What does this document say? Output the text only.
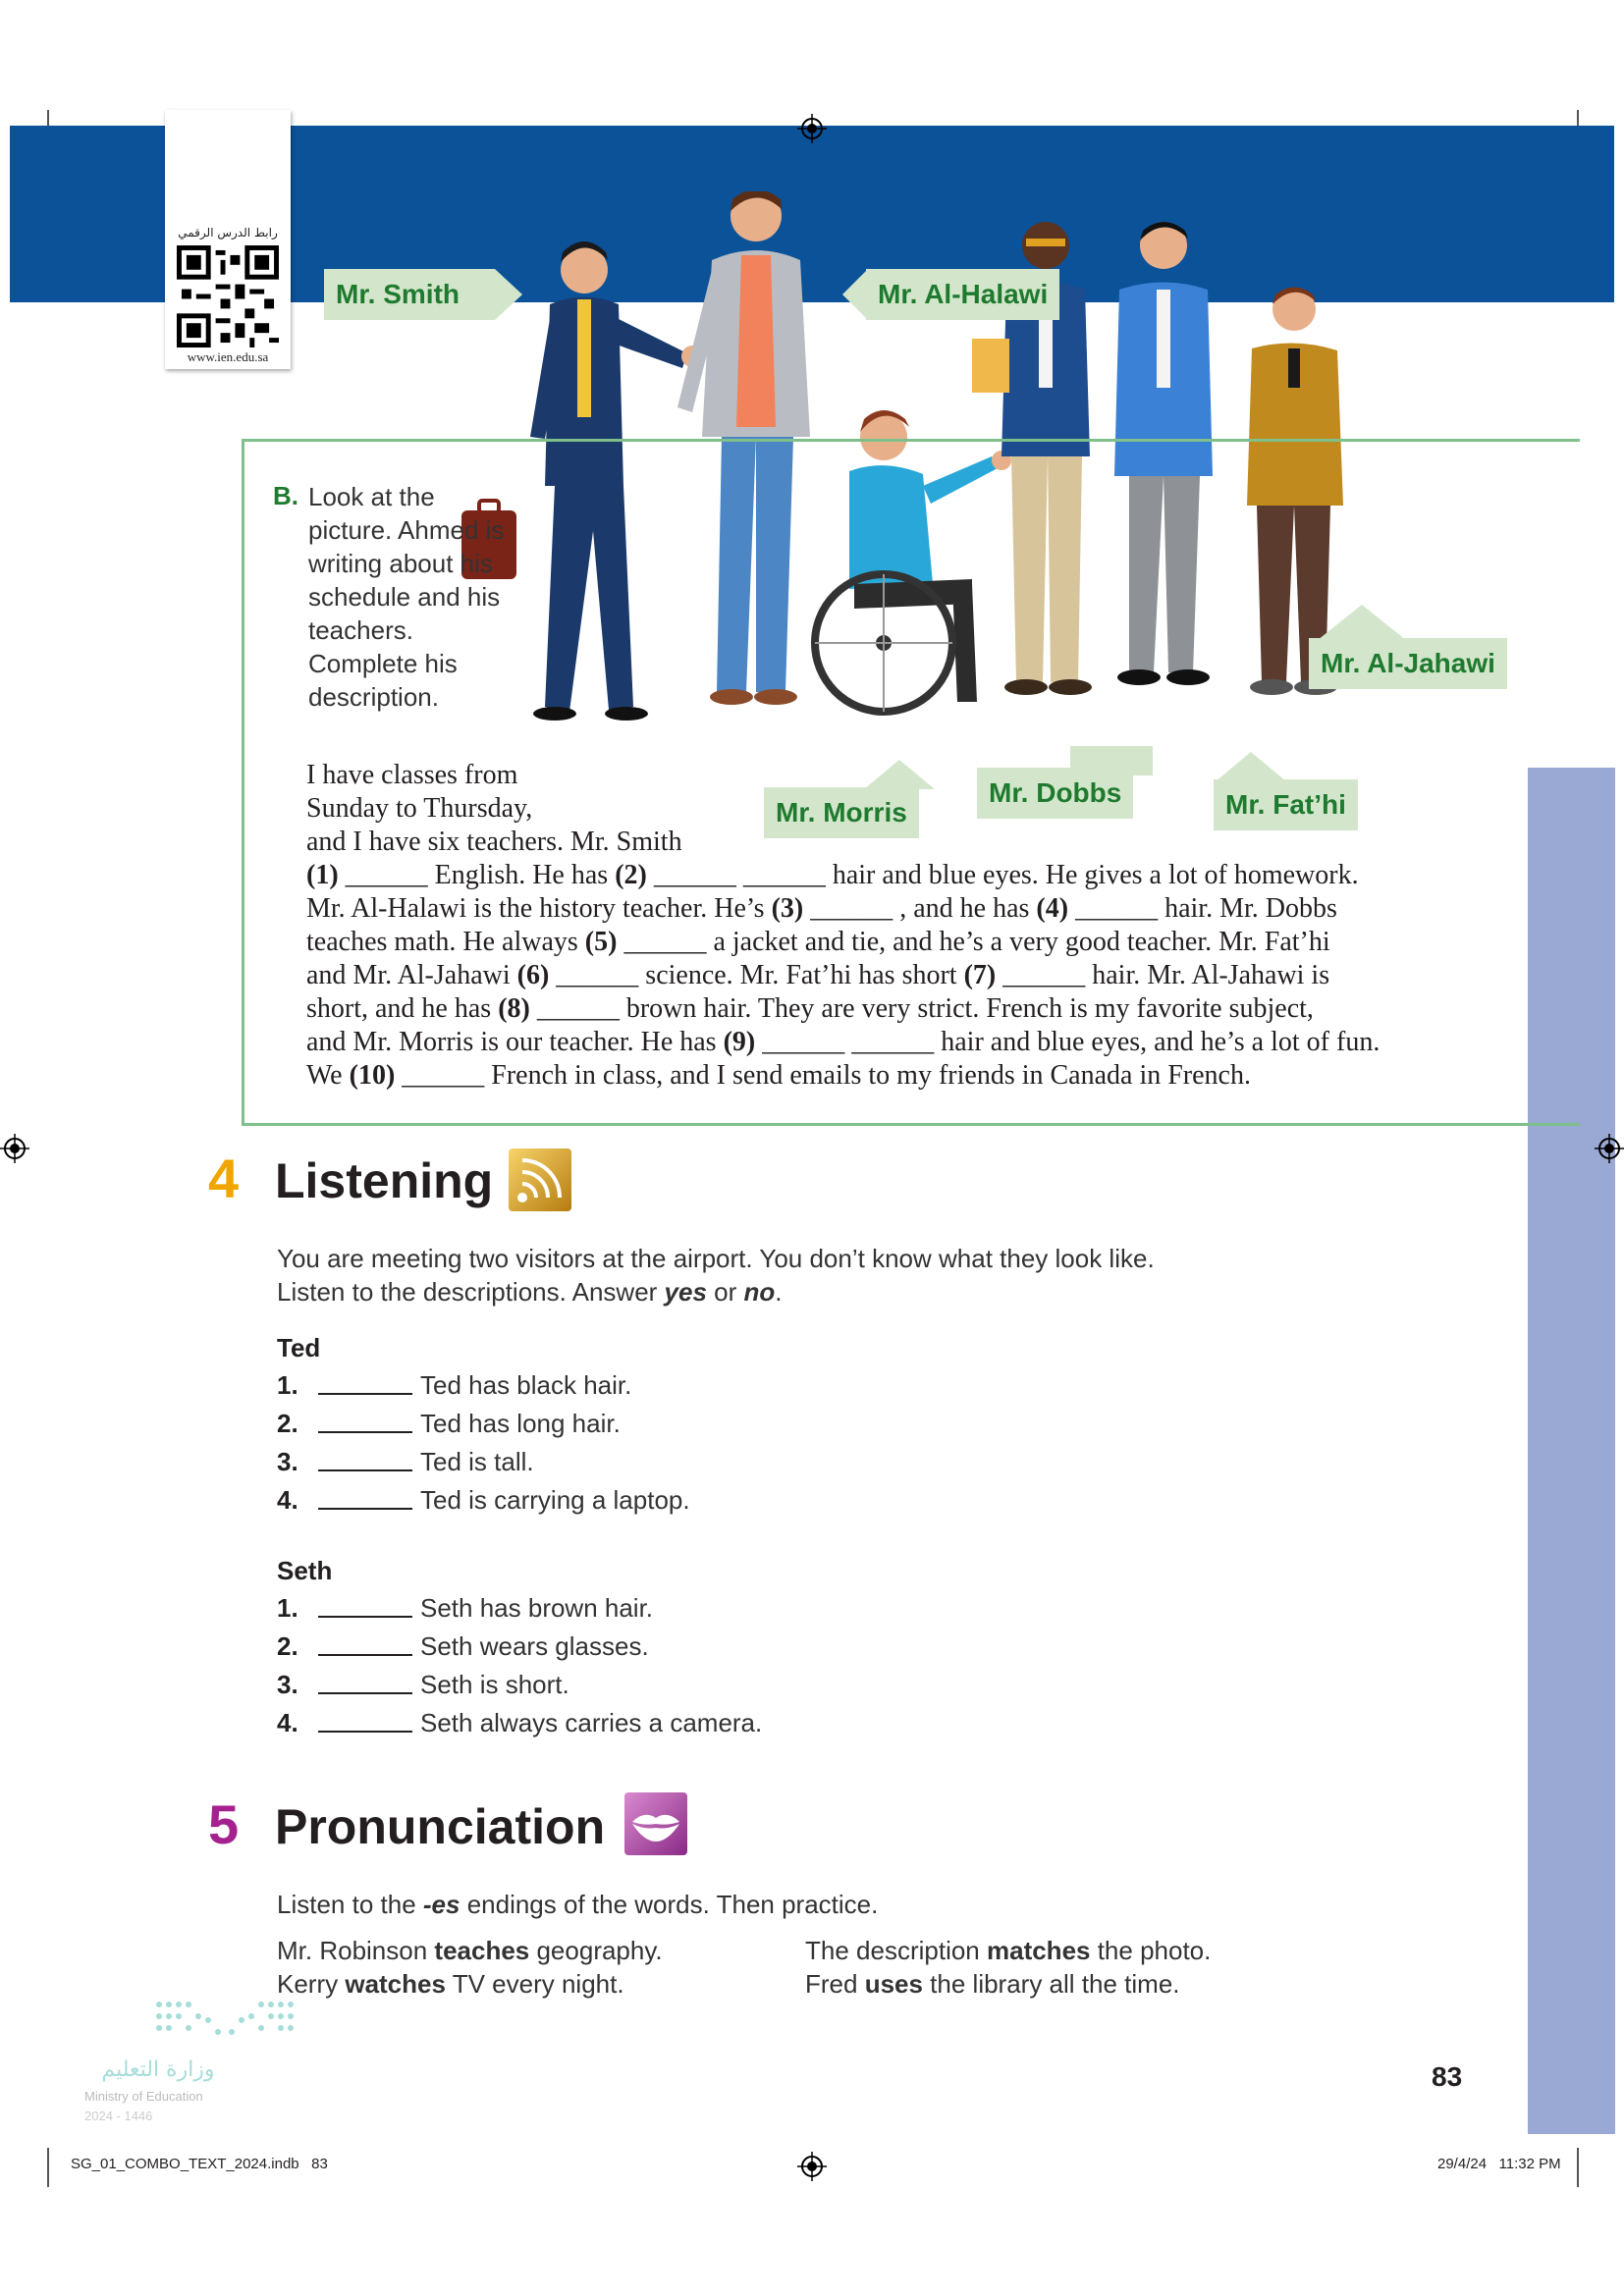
رابط الدرس الرقمي
www.ien.edu.sa
Mr. Smith	Mr. Al-Halawi
Mr. Al-Jahawi
Mr. Morris
Mr. Dobbs	Mr. Fat’hi
B. Look at the picture. Ahmed is writing about his schedule and his teachers. Complete his description.
I have classes from
Sunday to Thursday,
and I have six teachers. Mr. Smith
(1) ______ English. He has (2) ______ ______ hair and blue eyes. He gives a lot of homework.
Mr. Al-Halawi is the history teacher. He’s (3) ______ , and he has (4) ______ hair. Mr. Dobbs
teaches math. He always (5) ______ a jacket and tie, and he’s a very good teacher. Mr. Fat’hi
and Mr. Al-Jahawi (6) ______ science. Mr. Fat’hi has short (7) ______ hair. Mr. Al-Jahawi is
short, and he has (8) ______ brown hair. They are very strict. French is my favorite subject,
and Mr. Morris is our teacher. He has (9) ______ ______ hair and blue eyes, and he’s a lot of fun.
We (10) ______ French in class, and I send emails to my friends in Canada in French.
4 Listening
You are meeting two visitors at the airport. You don’t know what they look like.
Listen to the descriptions. Answer yes or no.
Ted
1.	Ted has black hair.
2.	Ted has long hair.
3.	Ted is tall.
4.	Ted is carrying a laptop.
Seth
1.	Seth has brown hair.
2.	Seth wears glasses.
3.	Seth is short.
4.	Seth always carries a camera.
5 Pronunciation
Listen to the -es endings of the words. Then practice.
Mr. Robinson teaches geography.
Kerry watches TV every night.
The description matches the photo.
Fred uses the library all the time.
وزارة التعليم
Ministry of Education
2024 - 1446
83
SG_01_COMBO_TEXT_2024.indb   83	29/4/24   11:32 PM
